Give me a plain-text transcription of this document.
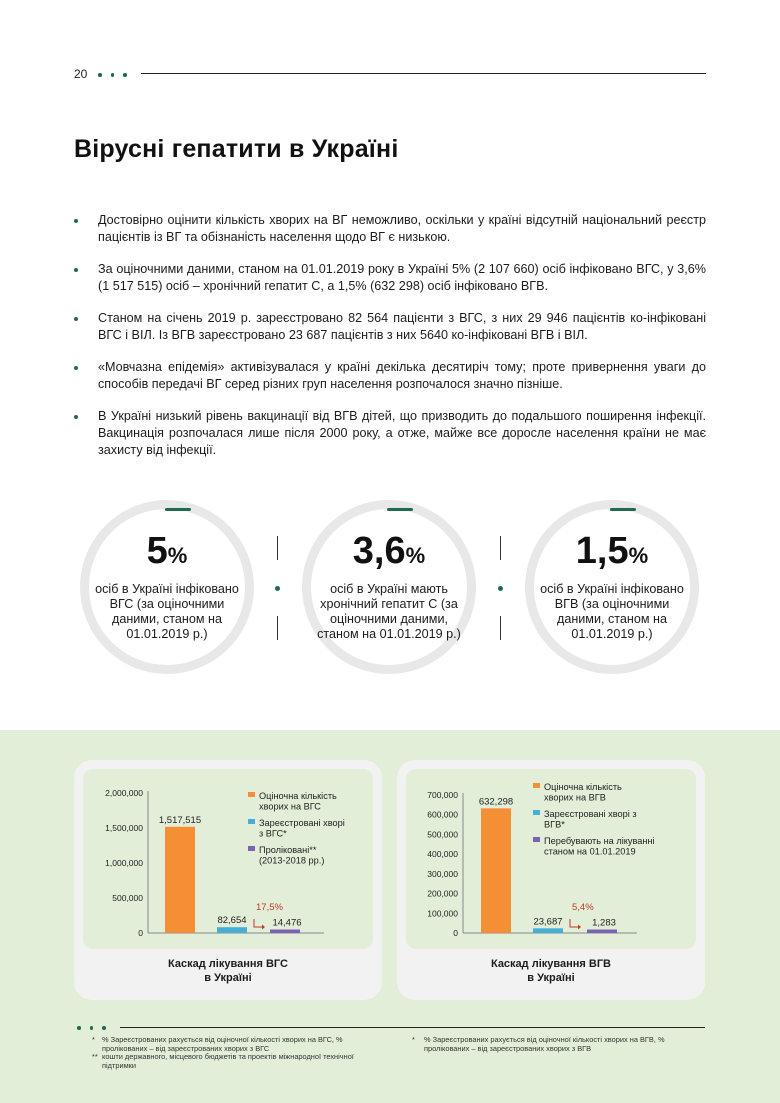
20
Вірусні гепатити в Україні
Достовірно оцінити кількість хворих на ВГ неможливо, оскільки у країні відсутній національний реєстр пацієнтів із ВГ та обізнаність населення щодо ВГ є низькою.
За оціночними даними, станом на 01.01.2019 року в Україні 5% (2 107 660) осіб інфіковано ВГС, у 3,6% (1 517 515) осіб – хронічний гепатит С, а 1,5% (632 298) осіб інфіковано ВГВ.
Станом на січень 2019 р. зареєстровано 82 564 пацієнти з ВГС, з них 29 946 пацієнтів ко-інфіковані ВГС і ВІЛ. Із ВГВ зареєстровано 23 687 пацієнтів з них 5640 ко-інфіковані ВГВ і ВІЛ.
«Мовчазна епідемія» активізувалася у країні декілька десятиріч тому; проте привернення уваги до способів передачі ВГ серед різних груп населення розпочалося значно пізніше.
В Україні низький рівень вакцинації від ВГВ дітей, що призводить до подальшого поширення інфекції. Вакцинація розпочалася лише після 2000 року, а отже, майже все доросле населення країни не має захисту від інфекції.
5%
осіб в Україні інфіковано ВГС (за оціночними даними, станом на 01.01.2019 р.)
3,6%
осіб в Україні мають хронічний гепатит С (за оціночними даними, станом на 01.01.2019 р.)
1,5%
осіб в Україні інфіковано ВГВ (за оціночними даними, станом на 01.01.2019 р.)
0
500,000
1,000,000
1,500,000
2,000,000
1,517,515
82,654	14,476
17,5%
Оціночна кількість
хворих на ВГС
Зареєстровані хворі
з ВГС*
Проліковані**
(2013-2018 рр.)
Каскад лікування ВГС
в Україні
0
100,000
200,000
300,000
400,000
500,000
600,000
700,000
632,298
23,687	1,283
5,4%
Оціночна кількість
хворих на ВГВ
Зареєстровані хворі з
ВГВ*
Перебувають на лікуванні
станом на 01.01.2019
Каскад лікування ВГВ
в Україні
* % Зареєстрованих рахується від оціночної кількості хворих на ВГС, % пролікованих – від зареєстрованих хворих з ВГС
** кошти державного, місцевого бюджетів та проектів міжнародної технічної підтримки
* % Зареєстрованих рахується від оціночної кількості хворих на ВГВ, % пролікованих – від зареєстрованих хворих з ВГВ
